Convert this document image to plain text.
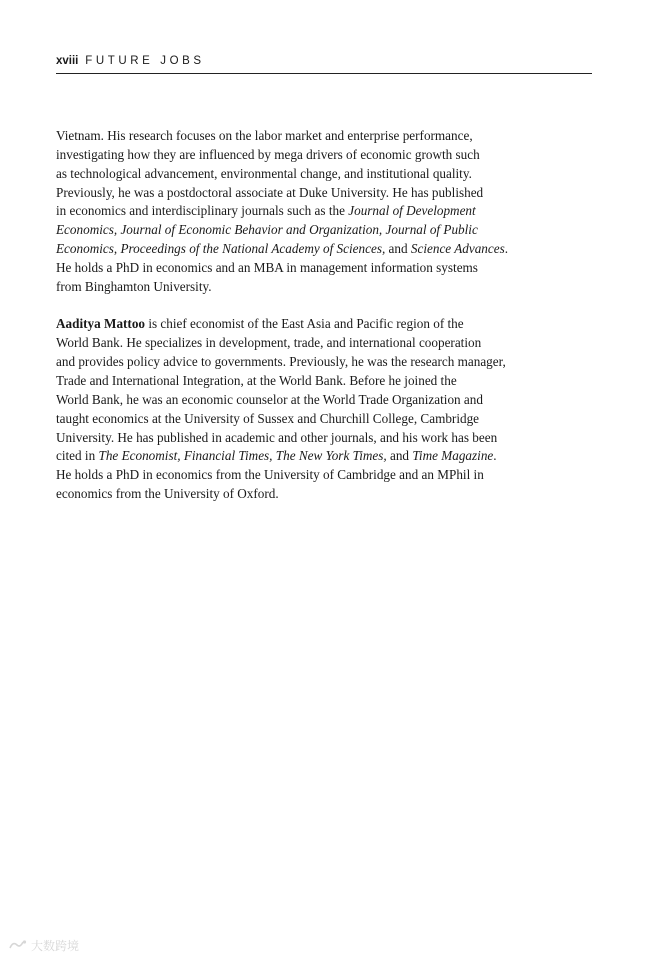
xviii FUTURE JOBS

Vietnam. His research focuses on the labor market and enterprise performance,
investigating how they are influenced by mega drivers of economic growth such
as technological advancement, environmental change, and institutional quality.
Previously, he was a postdoctoral associate at Duke University. He has published
in economics and interdisciplinary journals such as the Journal of Development
Economics, Journal of Economic Behavior and Organization, Journal of Public
Economics, Proceedings of the National Academy of Sciences, and Science Advances.
He holds a PhD in economics and an MBA in management information systems
from Binghamton University.

Aaditya Mattoo is chief economist of the East Asia and Pacific region of the
World Bank. He specializes in development, trade, and international cooperation
and provides policy advice to governments. Previously, he was the research manager,
Trade and International Integration, at the World Bank. Before he joined the
World Bank, he was an economic counselor at the World Trade Organization and
taught economics at the University of Sussex and Churchill College, Cambridge
University. He has published in academic and other journals, and his work has been
cited in The Economist, Financial Times, The New York Times, and Time Magazine.
He holds a PhD in economics from the University of Cambridge and an MPhil in
economics from the University of Oxford.

大数跨境
